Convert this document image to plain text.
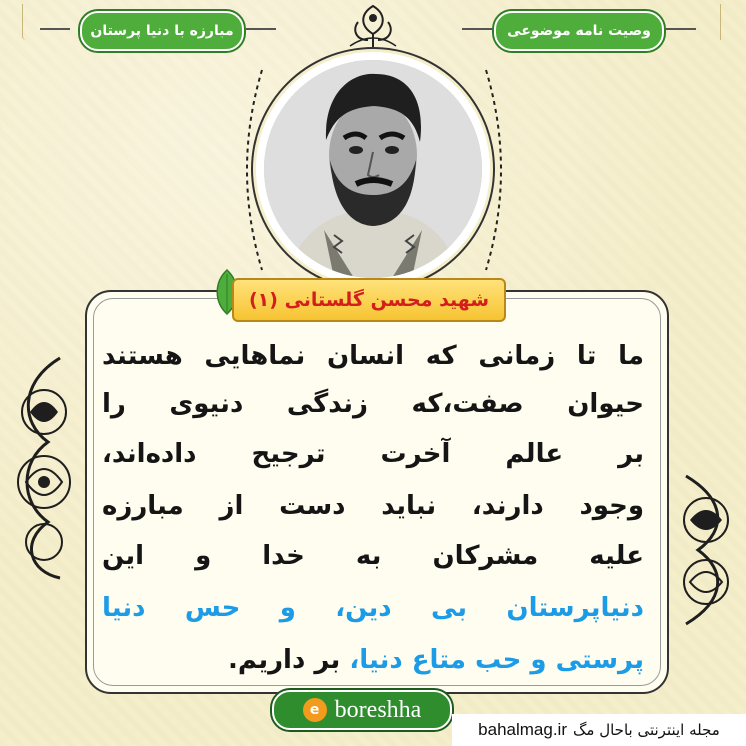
مبارزه با دنیا پرستان	وصیت نامه موضوعی
شهید محسن گلستانی (۱)
ما تا زمانی که انسان نماهایی هستند
حیوان صفت،که زندگی دنیوی را
بر عالم آخرت ترجیح داده‌اند،
وجود دارند، نباید دست از مبارزه
علیه مشرکان به خدا و این
دنیاپرستان بی دین، و حس دنیا
پرستی و حب متاع دنیا، بر داریم.
e boreshha
مجله اینترنتی باحال مگ
bahalmag.ir
